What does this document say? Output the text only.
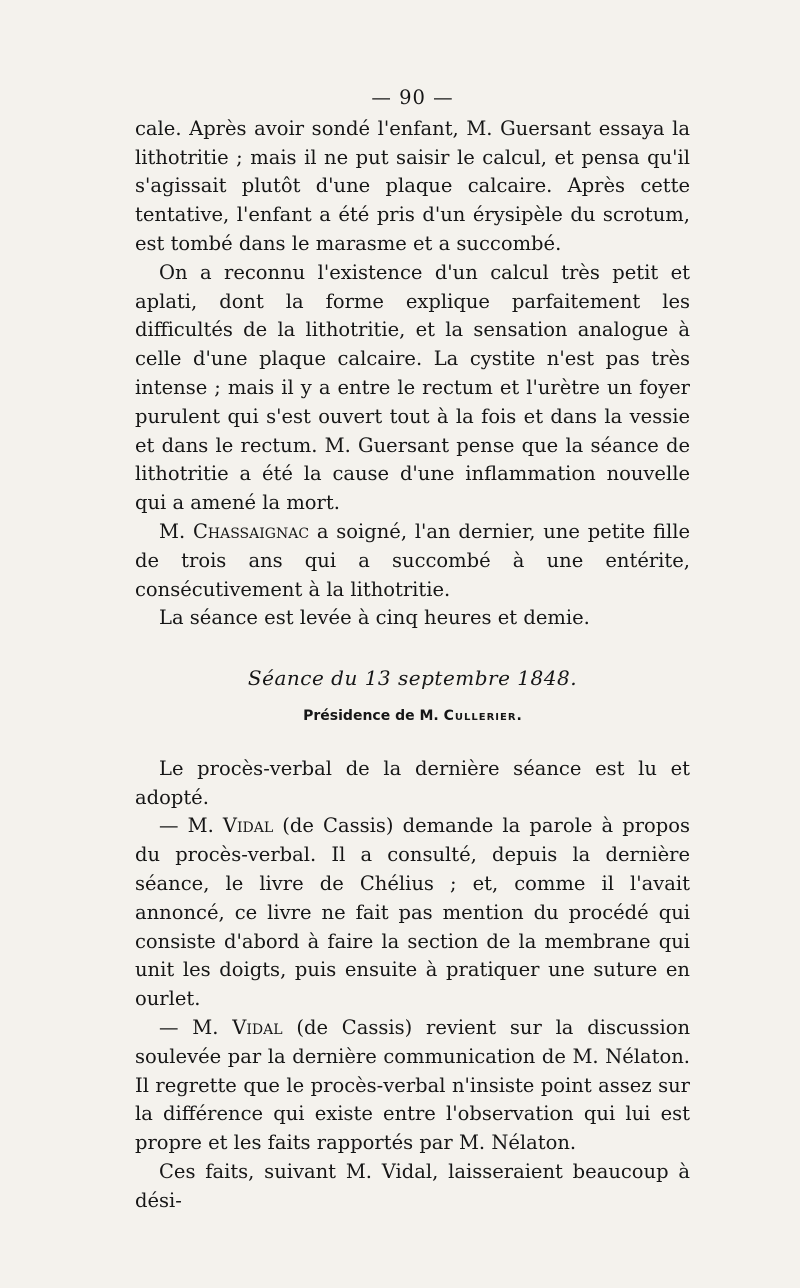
— 90 —

cale. Après avoir sondé l'enfant, M. Guersant essaya la lithotritie ; mais il ne put saisir le calcul, et pensa qu'il s'agissait plutôt d'une plaque calcaire. Après cette tentative, l'enfant a été pris d'un érysipèle du scrotum, est tombé dans le marasme et a succombé.

On a reconnu l'existence d'un calcul très petit et aplati, dont la forme explique parfaitement les difficultés de la lithotritie, et la sensation analogue à celle d'une plaque calcaire. La cystite n'est pas très intense ; mais il y a entre le rectum et l'urètre un foyer purulent qui s'est ouvert tout à la fois et dans la vessie et dans le rectum. M. Guersant pense que la séance de lithotritie a été la cause d'une inflammation nouvelle qui a amené la mort.

M. Chassaignac a soigné, l'an dernier, une petite fille de trois ans qui a succombé à une entérite, consécutivement à la lithotritie.

La séance est levée à cinq heures et demie.

Séance du 13 septembre 1848.
Présidence de M. Cullerier.

Le procès-verbal de la dernière séance est lu et adopté.

— M. Vidal (de Cassis) demande la parole à propos du procès-verbal. Il a consulté, depuis la dernière séance, le livre de Chélius ; et, comme il l'avait annoncé, ce livre ne fait pas mention du procédé qui consiste d'abord à faire la section de la membrane qui unit les doigts, puis ensuite à pratiquer une suture en ourlet.

— M. Vidal (de Cassis) revient sur la discussion soulevée par la dernière communication de M. Nélaton. Il regrette que le procès-verbal n'insiste point assez sur la différence qui existe entre l'observation qui lui est propre et les faits rapportés par M. Nélaton.

Ces faits, suivant M. Vidal, laisseraient beaucoup à dési-
